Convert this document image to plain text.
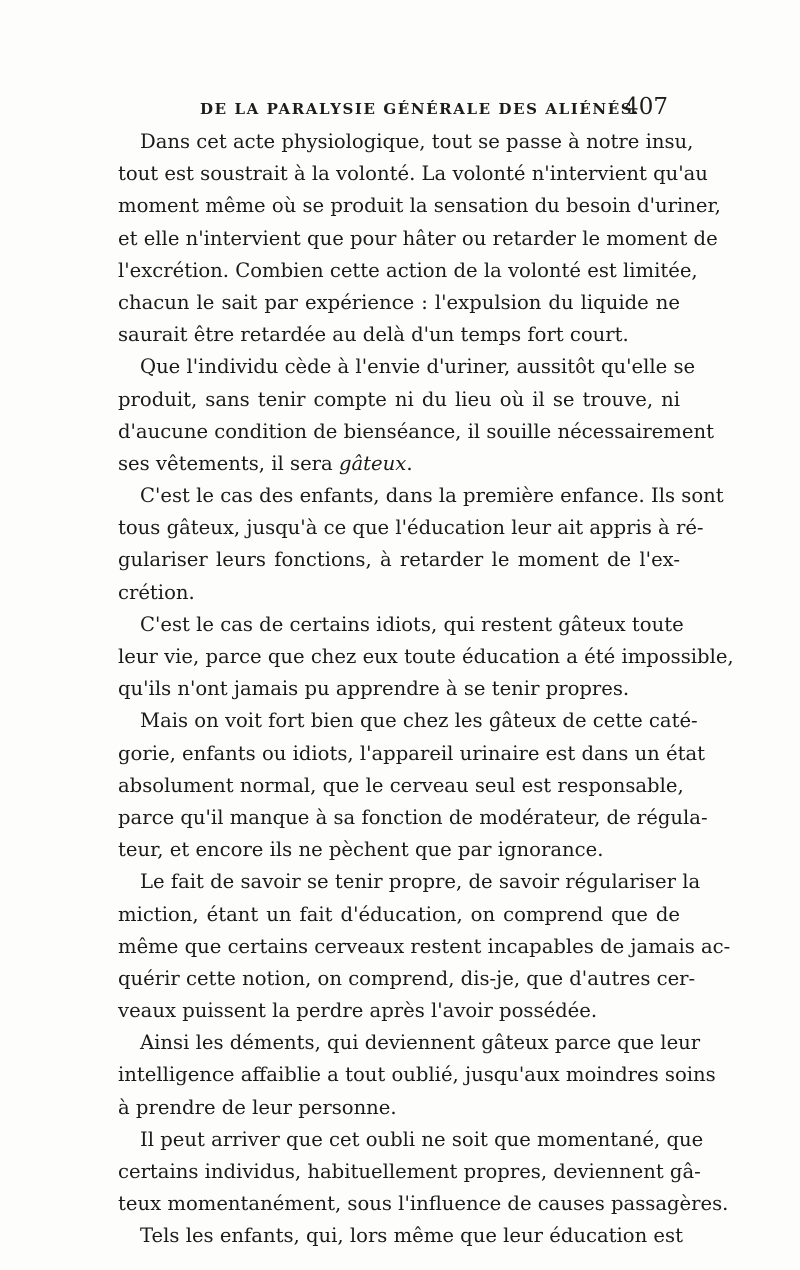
DE LA PARALYSIE GÉNÉRALE DES ALIÉNÉS.
407
Dans cet acte physiologique, tout se passe à notre insu,
tout est soustrait à la volonté. La volonté n'intervient qu'au
moment même où se produit la sensation du besoin d'uriner,
et elle n'intervient que pour hâter ou retarder le moment de
l'excrétion. Combien cette action de la volonté est limitée,
chacun le sait par expérience : l'expulsion du liquide ne
saurait être retardée au delà d'un temps fort court.
Que l'individu cède à l'envie d'uriner, aussitôt qu'elle se
produit, sans tenir compte ni du lieu où il se trouve, ni
d'aucune condition de bienséance, il souille nécessairement
ses vêtements, il sera gâteux.
C'est le cas des enfants, dans la première enfance. Ils sont
tous gâteux, jusqu'à ce que l'éducation leur ait appris à ré-
gulariser leurs fonctions, à retarder le moment de l'ex-
crétion.
C'est le cas de certains idiots, qui restent gâteux toute
leur vie, parce que chez eux toute éducation a été impossible,
qu'ils n'ont jamais pu apprendre à se tenir propres.
Mais on voit fort bien que chez les gâteux de cette caté-
gorie, enfants ou idiots, l'appareil urinaire est dans un état
absolument normal, que le cerveau seul est responsable,
parce qu'il manque à sa fonction de modérateur, de régula-
teur, et encore ils ne pèchent que par ignorance.
Le fait de savoir se tenir propre, de savoir régulariser la
miction, étant un fait d'éducation, on comprend que de
même que certains cerveaux restent incapables de jamais ac-
quérir cette notion, on comprend, dis-je, que d'autres cer-
veaux puissent la perdre après l'avoir possédée.
Ainsi les déments, qui deviennent gâteux parce que leur
intelligence affaiblie a tout oublié, jusqu'aux moindres soins
à prendre de leur personne.
Il peut arriver que cet oubli ne soit que momentané, que
certains individus, habituellement propres, deviennent gâ-
teux momentanément, sous l'influence de causes passagères.
Tels les enfants, qui, lors même que leur éducation est
